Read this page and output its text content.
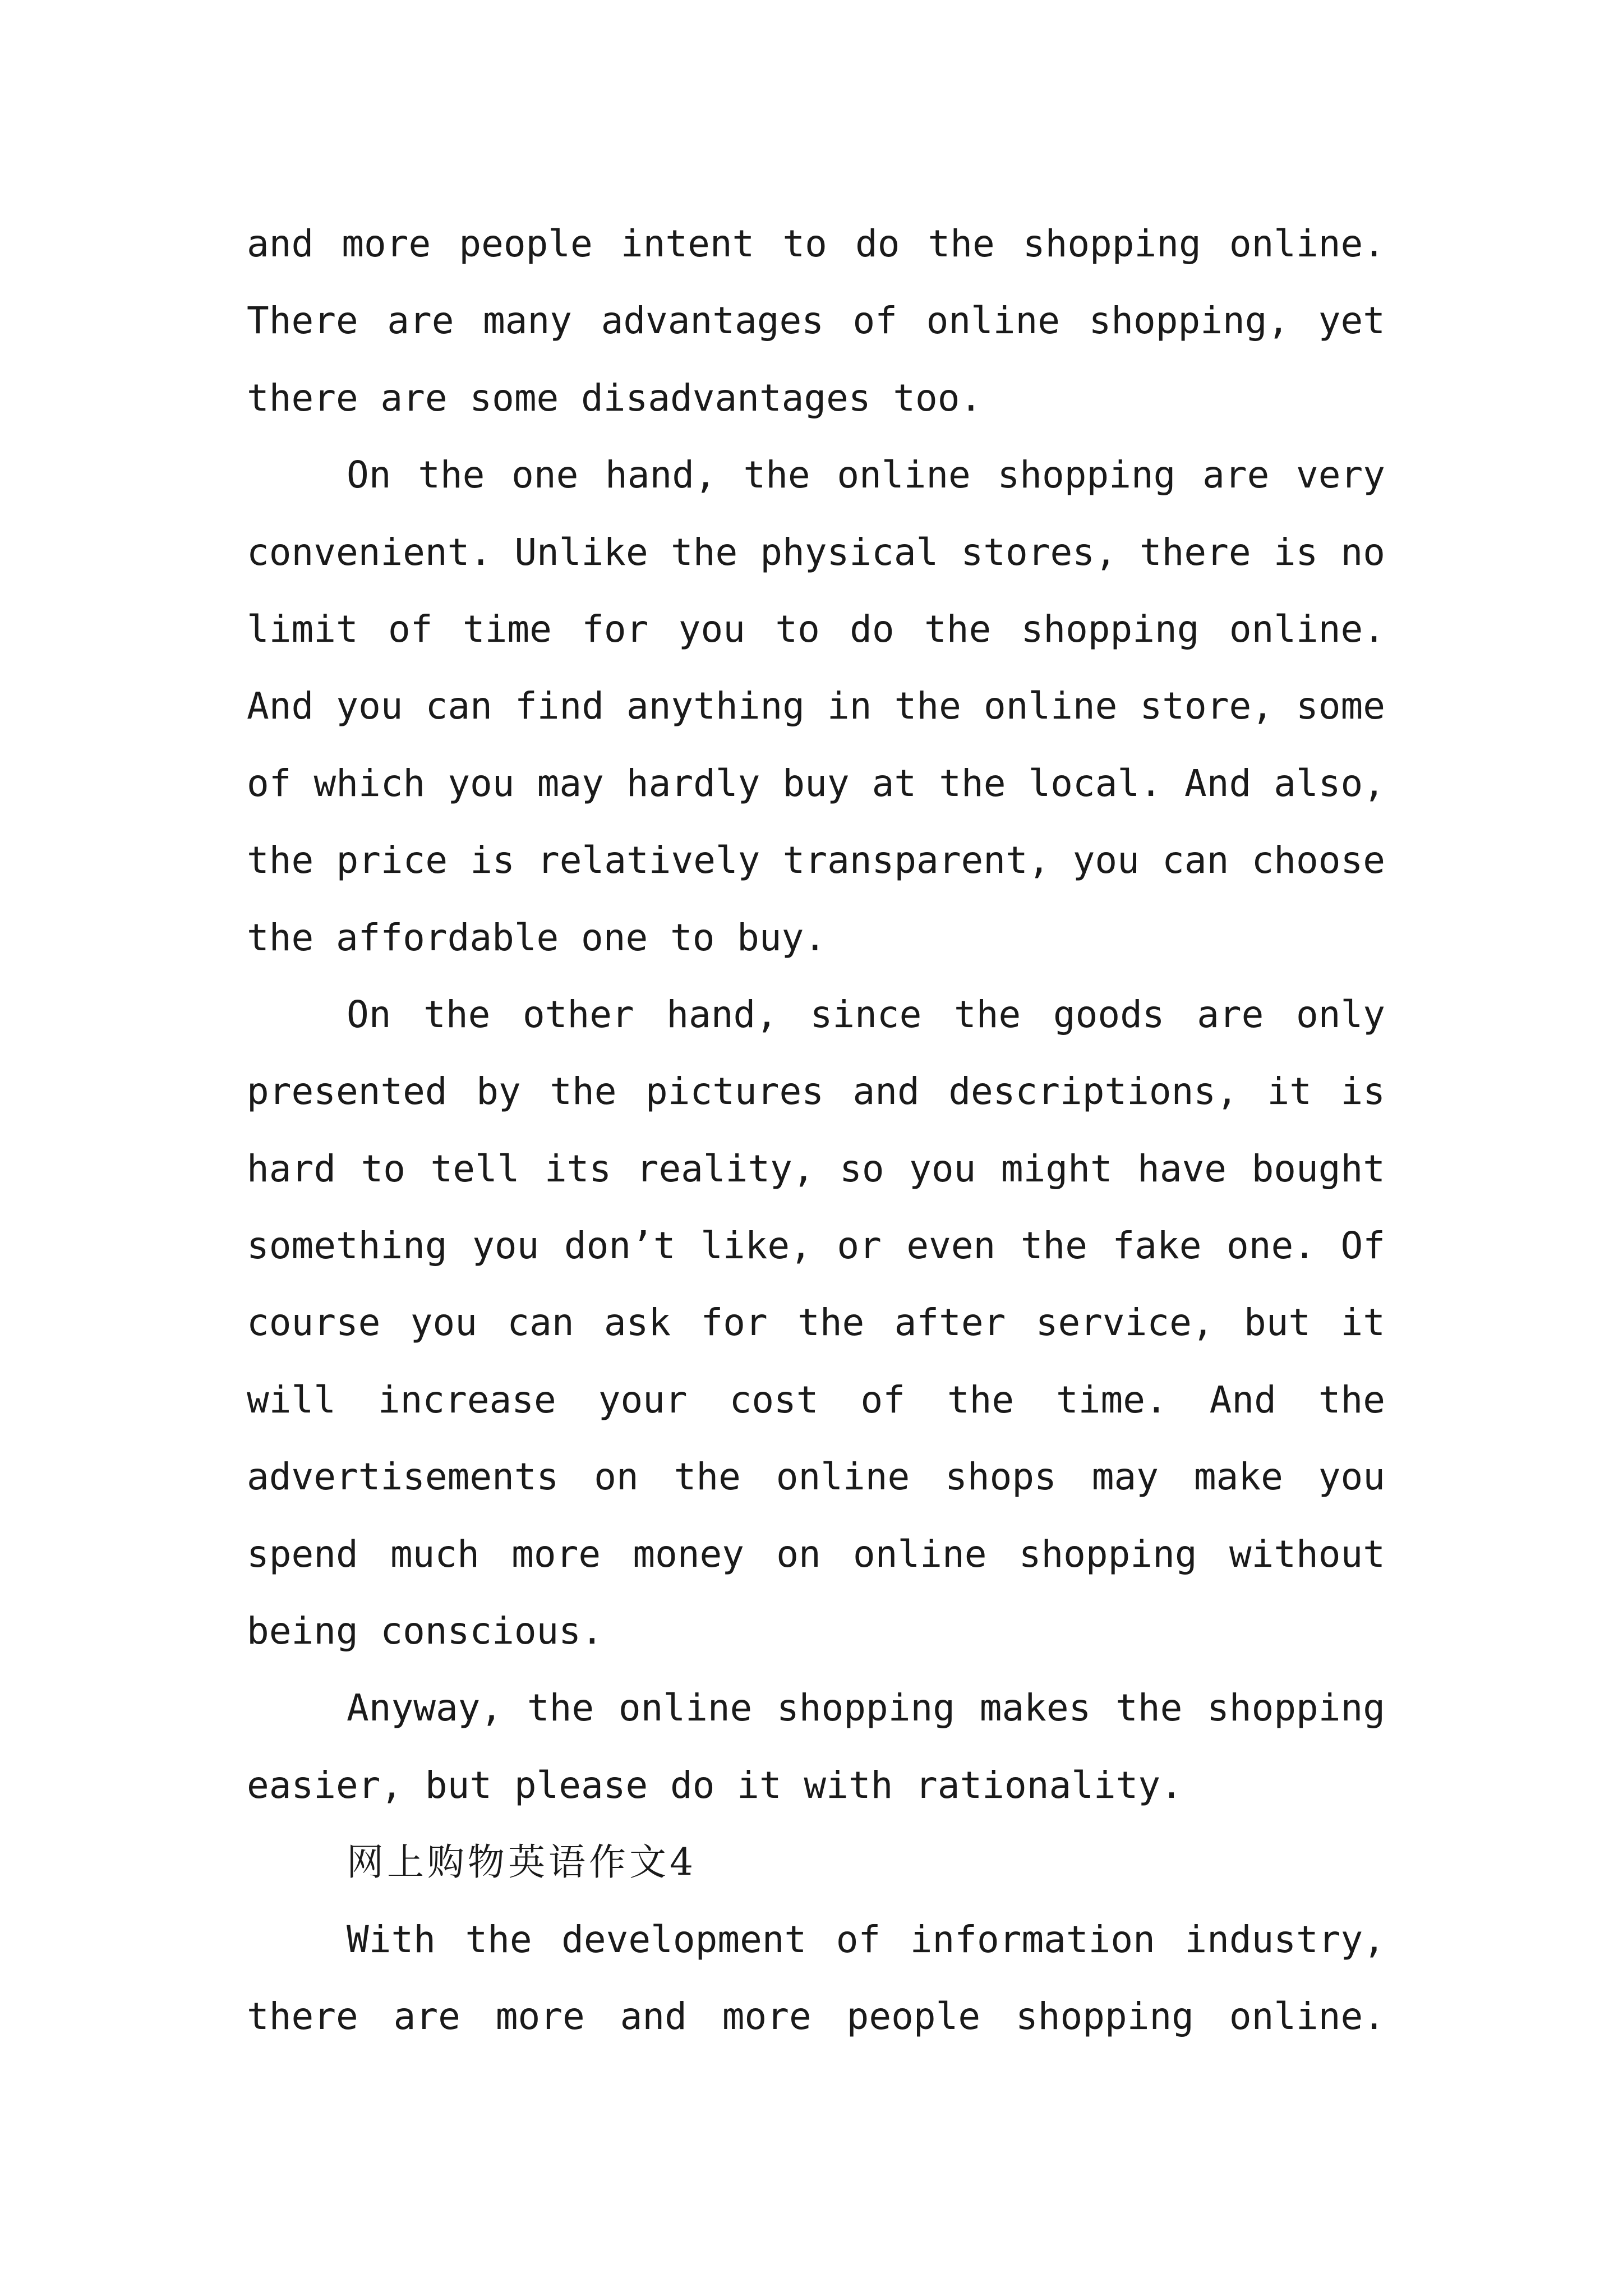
and more people intent to do the shopping online.
There are many advantages of online shopping, yet
there are some disadvantages too.
On the one hand, the online shopping are very
convenient. Unlike the physical stores, there is no
limit of time for you to do the shopping online.
And you can find anything in the online store, some
of which you may hardly buy at the local. And also,
the price is relatively transparent, you can choose
the affordable one to buy.
On the other hand, since the goods are only
presented by the pictures and descriptions, it is
hard to tell its reality, so you might have bought
something you don’t like, or even the fake one. Of
course you can ask for the after service, but it
will increase your cost of the time. And the
advertisements on the online shops may make you
spend much more money on online shopping without
being conscious.
Anyway, the online shopping makes the shopping
easier, but please do it with rationality.
网上购物英语作文4
With the development of information industry,
there are more and more people shopping online.
